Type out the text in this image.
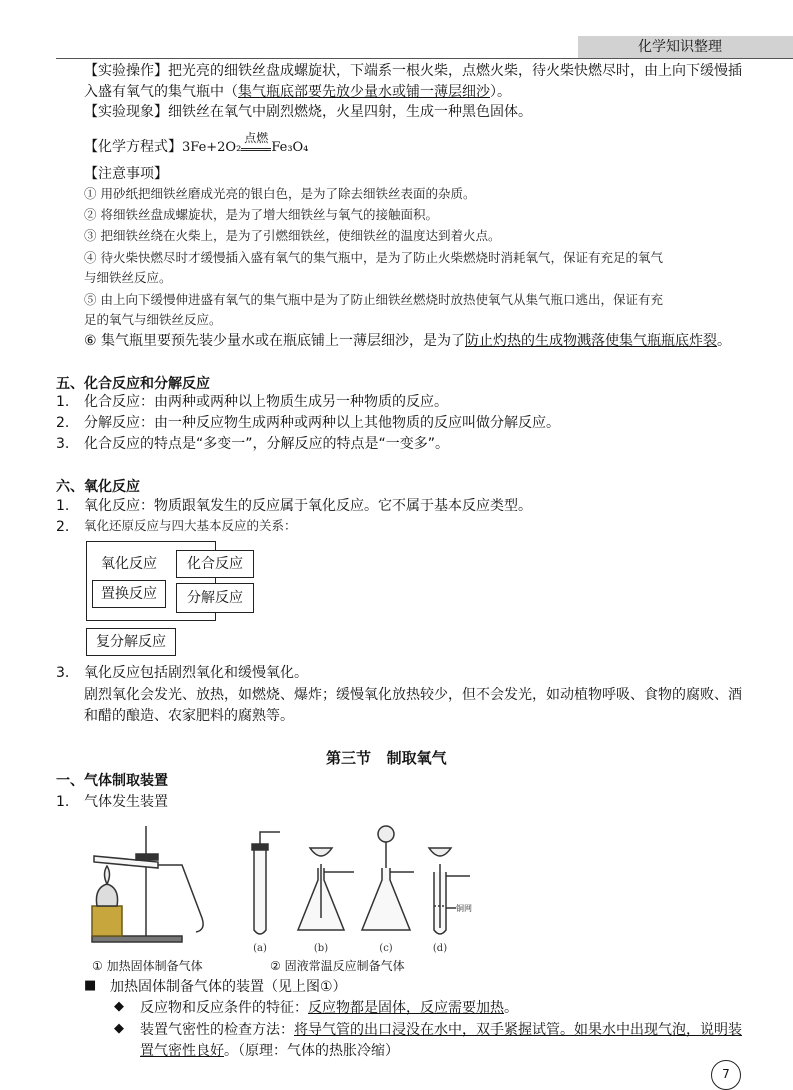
化学知识整理
【实验操作】把光亮的细铁丝盘成螺旋状，下端系一根火柴，点燃火柴，待火柴快燃尽时，由上向下缓慢插
入盛有氧气的集气瓶中（集气瓶底部要先放少量水或铺一薄层细沙）。
【实验现象】细铁丝在氧气中剧烈燃烧，火星四射，生成一种黑色固体。
【化学方程式】3Fe+2O₂
点燃
Fe₃O₄
【注意事项】
① 用砂纸把细铁丝磨成光亮的银白色，是为了除去细铁丝表面的杂质。
② 将细铁丝盘成螺旋状，是为了增大细铁丝与氧气的接触面积。
③ 把细铁丝绕在火柴上，是为了引燃细铁丝，使细铁丝的温度达到着火点。
④ 待火柴快燃尽时才缓慢插入盛有氧气的集气瓶中，是为了防止火柴燃烧时消耗氧气，保证有充足的氧气
与细铁丝反应。
⑤ 由上向下缓慢伸进盛有氧气的集气瓶中是为了防止细铁丝燃烧时放热使氧气从集气瓶口逃出，保证有充
足的氧气与细铁丝反应。
⑥ 集气瓶里要预先装少量水或在瓶底铺上一薄层细沙，是为了防止灼热的生成物溅落使集气瓶瓶底炸裂。
五、化合反应和分解反应
1. 化合反应：由两种或两种以上物质生成另一种物质的反应。
2. 分解反应：由一种反应物生成两种或两种以上其他物质的反应叫做分解反应。
3. 化合反应的特点是“多变一”，分解反应的特点是“一变多”。
六、氧化反应
1. 氧化反应：物质跟氧发生的反应属于氧化反应。它不属于基本反应类型。
2. 氧化还原反应与四大基本反应的关系：
氧化反应	化合反应
置换反应	分解反应
复分解反应
3. 氧化反应包括剧烈氧化和缓慢氧化。
剧烈氧化会发光、放热，如燃烧、爆炸；缓慢氧化放热较少，但不会发光，如动植物呼吸、食物的腐败、酒
和醋的酿造、农家肥料的腐熟等。
第三节   制取氧气
一、气体制取装置
1. 气体发生装置
(a)	(b)	(c)	(d)
铜网
① 加热固体制备气体	② 固液常温反应制备气体
■ 加热固体制备气体的装置（见上图①）
◆ 反应物和反应条件的特征：反应物都是固体，反应需要加热。
◆ 装置气密性的检查方法：将导气管的出口浸没在水中，双手紧握试管。如果水中出现气泡，说明装
置气密性良好。（原理：气体的热胀冷缩）
7
